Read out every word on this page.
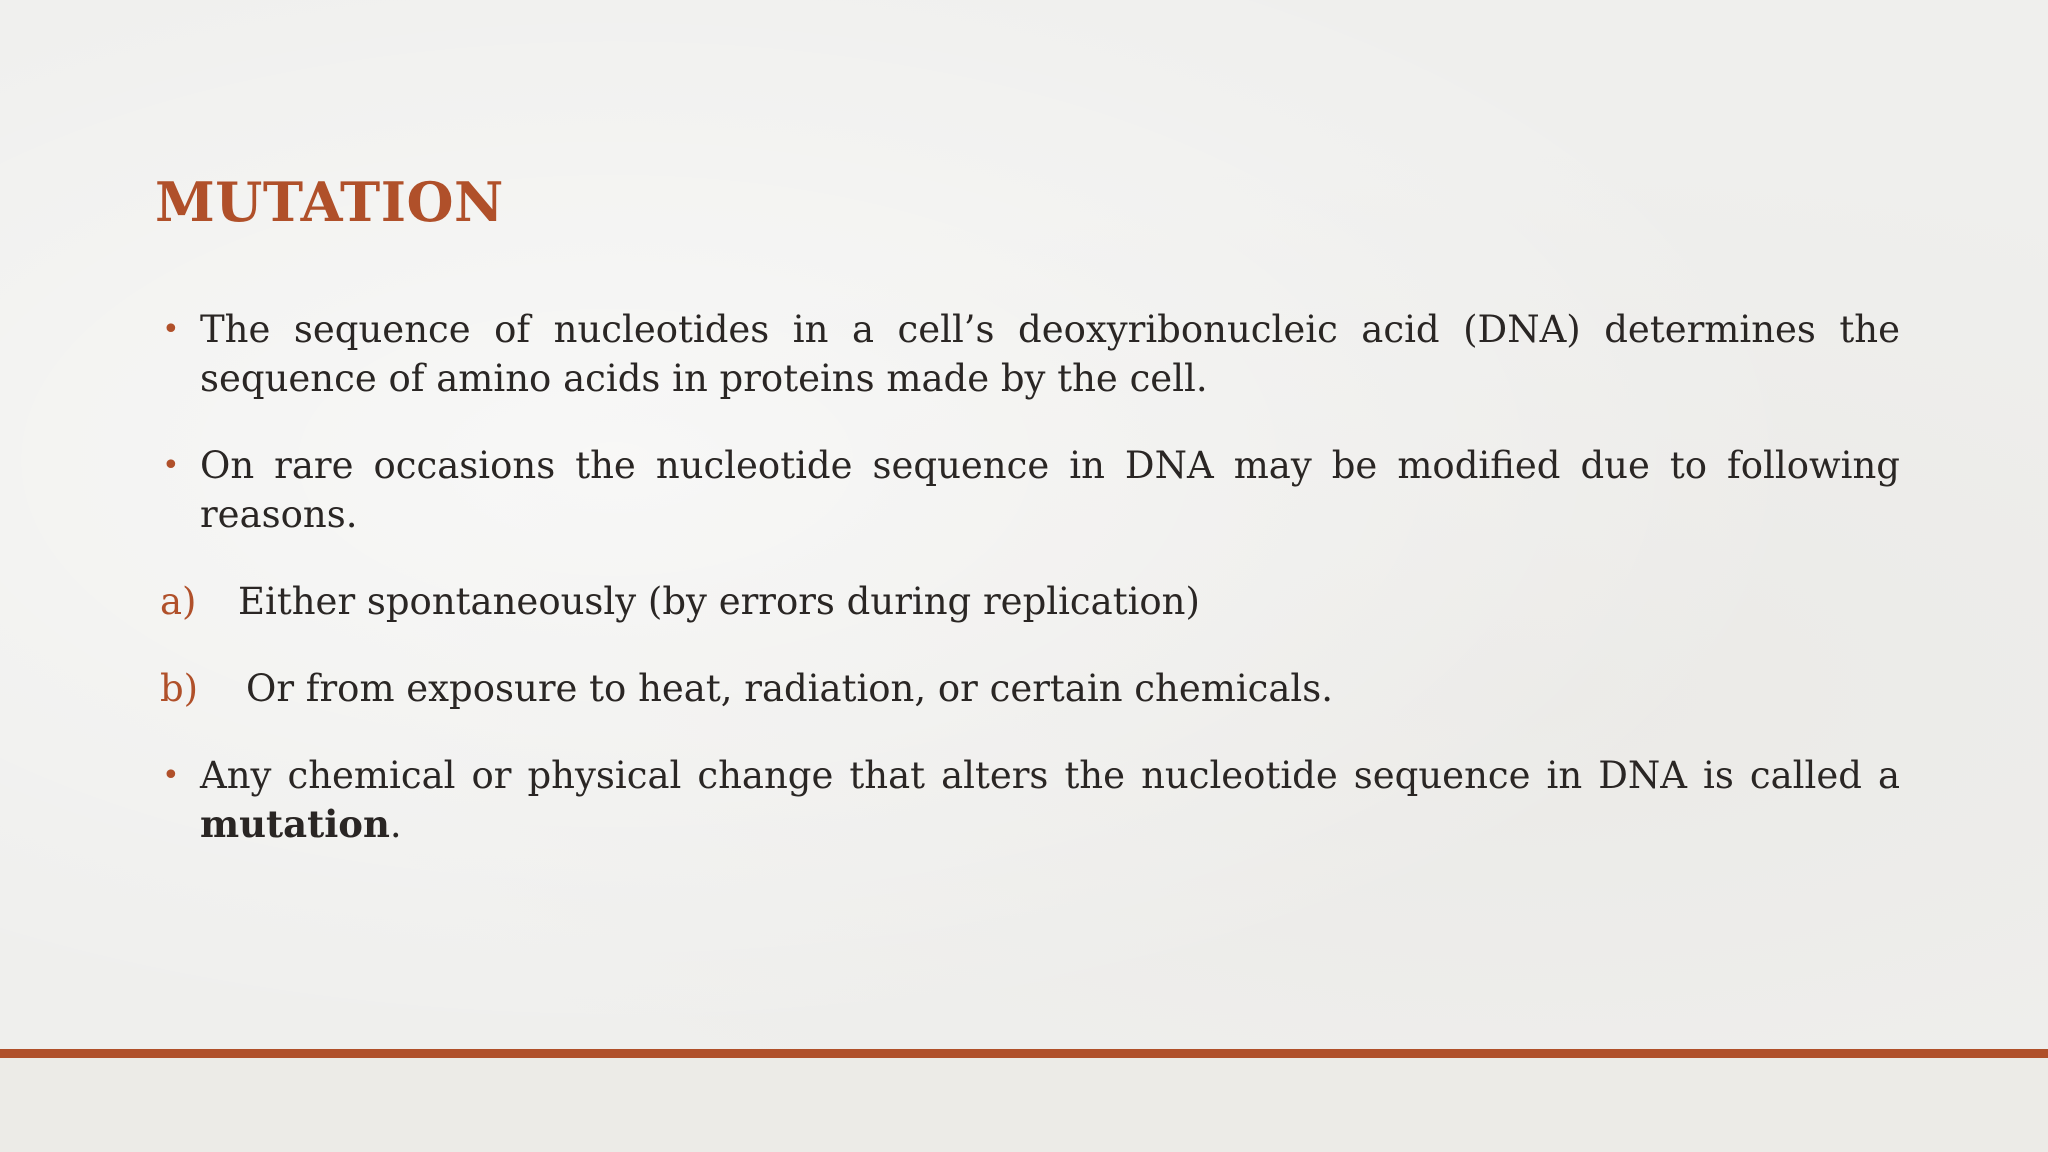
MUTATION
• The sequence of nucleotides in a cell’s deoxyribonucleic acid (DNA) determines the sequence of amino acids in proteins made by the cell.
• On rare occasions the nucleotide sequence in DNA may be modified due to following reasons.
a) Either spontaneously (by errors during replication)
b) Or from exposure to heat, radiation, or certain chemicals.
• Any chemical or physical change that alters the nucleotide sequence in DNA is called a mutation.
